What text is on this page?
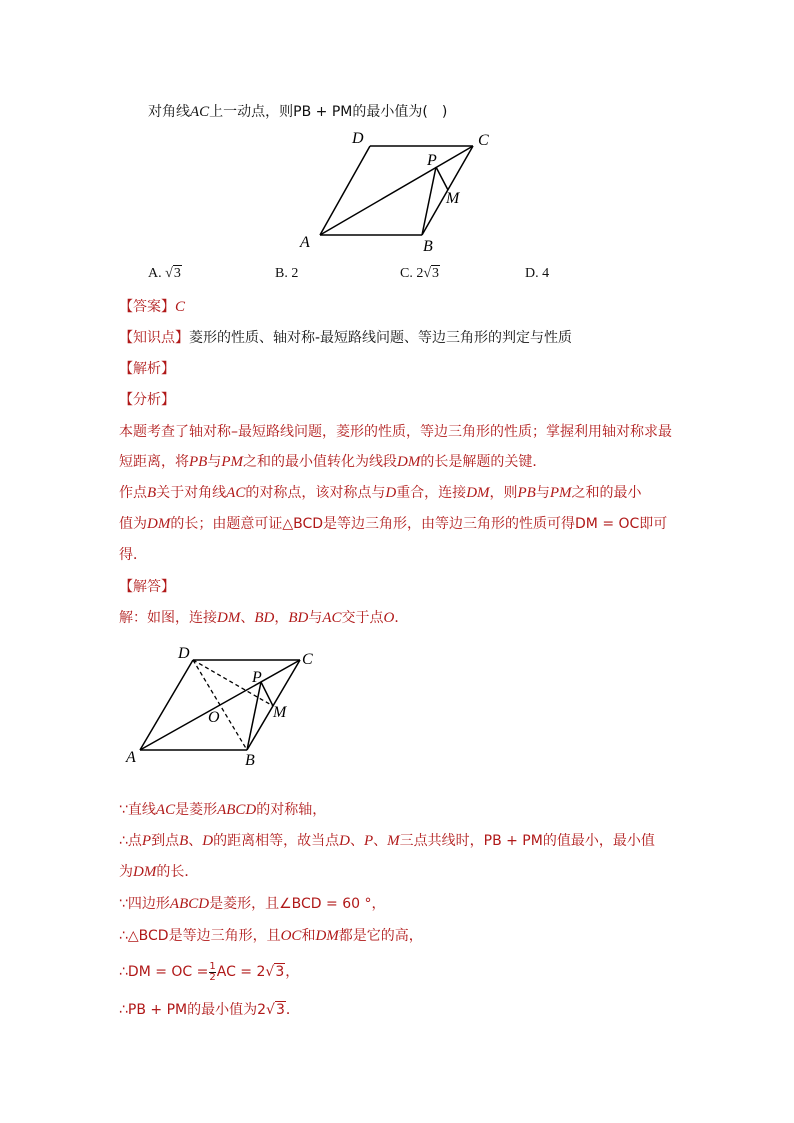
对角线AC上一动点，则PB + PM的最小值为(　)
A	B
C
D
P
M
A. √3	B. 2	C. 2√3	D. 4
【答案】C
【知识点】菱形的性质、轴对称-最短路线问题、等边三角形的判定与性质
【解析】
【分析】
本题考查了轴对称–最短路线问题，菱形的性质，等边三角形的性质；掌握利用轴对称求最
短距离，将PB与PM之和的最小值转化为线段DM的长是解题的关键．
作点B关于对角线AC的对称点，该对称点与D重合，连接DM，则PB与PM之和的最小
值为DM的长；由题意可证△BCD是等边三角形，由等边三角形的性质可得DM = OC即可
得．
【解答】
解：如图，连接DM、BD，BD与AC交于点O．
A	B
C
D
P
M
O
∵直线AC是菱形ABCD的对称轴，
∴点P到点B、D的距离相等，故当点D、P、M三点共线时，PB + PM的值最小，最小值
为DM的长．
∵四边形ABCD是菱形，且∠BCD = 60 °，
∴△BCD是等边三角形，且OC和DM都是它的高，
∴DM = OC = $\frac{1}{2}$ AC = 2√3，
∴PB + PM的最小值为2√3．
